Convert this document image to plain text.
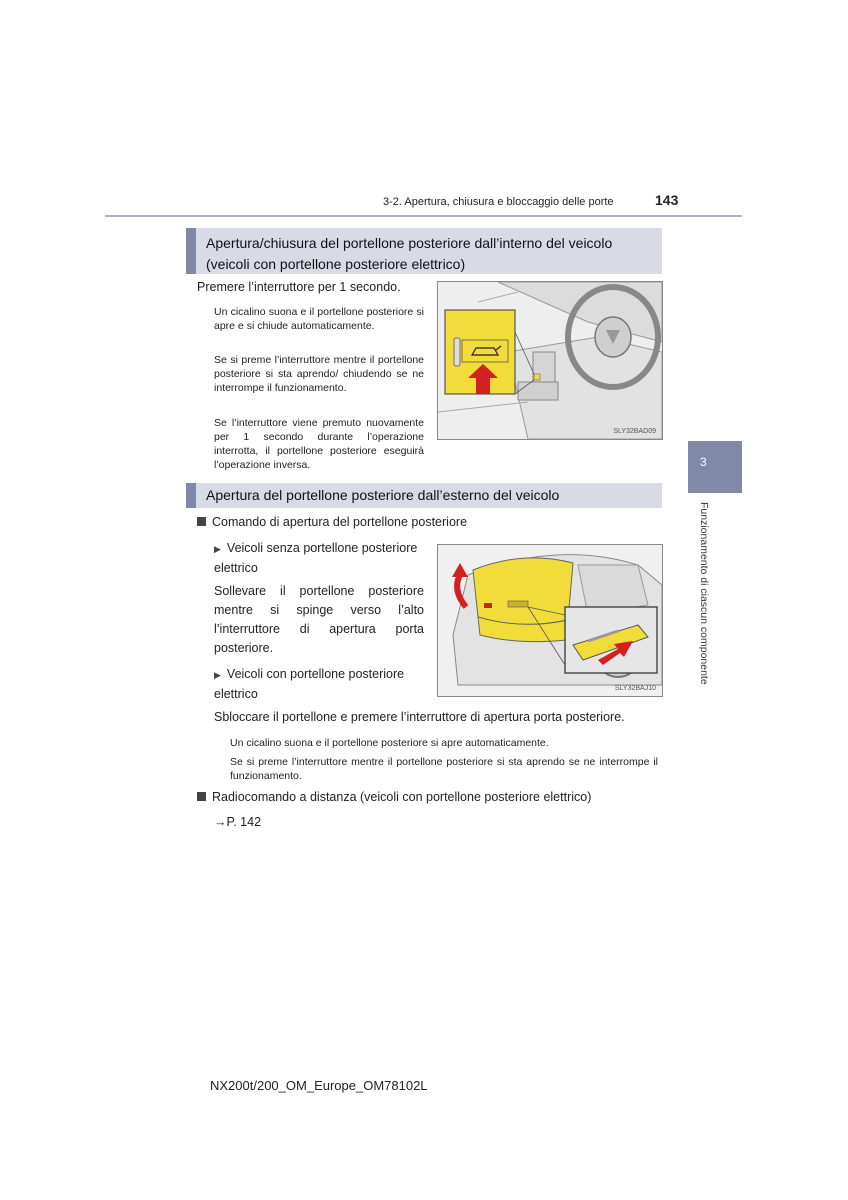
3-2. Apertura, chiusura e bloccaggio delle porte	143
3
Funzionamento di ciascun componente
Apertura/chiusura del portellone posteriore dall’interno del veicolo (veicoli con portellone posteriore elettrico)
Premere l’interruttore per 1 secondo.
Un cicalino suona e il portellone posteriore si apre e si chiude automaticamente.
Se si preme l’interruttore mentre il portellone posteriore si sta aprendo/ chiudendo se ne interrompe il funzionamento.
Se l’interruttore viene premuto nuovamente per 1 secondo durante l’operazione interrotta, il portellone posteriore eseguirà l’operazione inversa.
SLY32BAD09
Apertura del portellone posteriore dall’esterno del veicolo
Comando di apertura del portellone posteriore
▶ Veicoli senza portellone posteriore elettrico
Sollevare il portellone posteriore mentre si spinge verso l’alto l’interruttore di apertura porta posteriore.
▶ Veicoli con portellone posteriore elettrico
Sbloccare il portellone e premere l’interruttore di apertura porta posteriore.
Un cicalino suona e il portellone posteriore si apre automaticamente.
Se si preme l’interruttore mentre il portellone posteriore si sta aprendo se ne interrompe il funzionamento.
Radiocomando a distanza (veicoli con portellone posteriore elettrico)
→P. 142
SLY32BAJ10
NX200t/200_OM_Europe_OM78102L
